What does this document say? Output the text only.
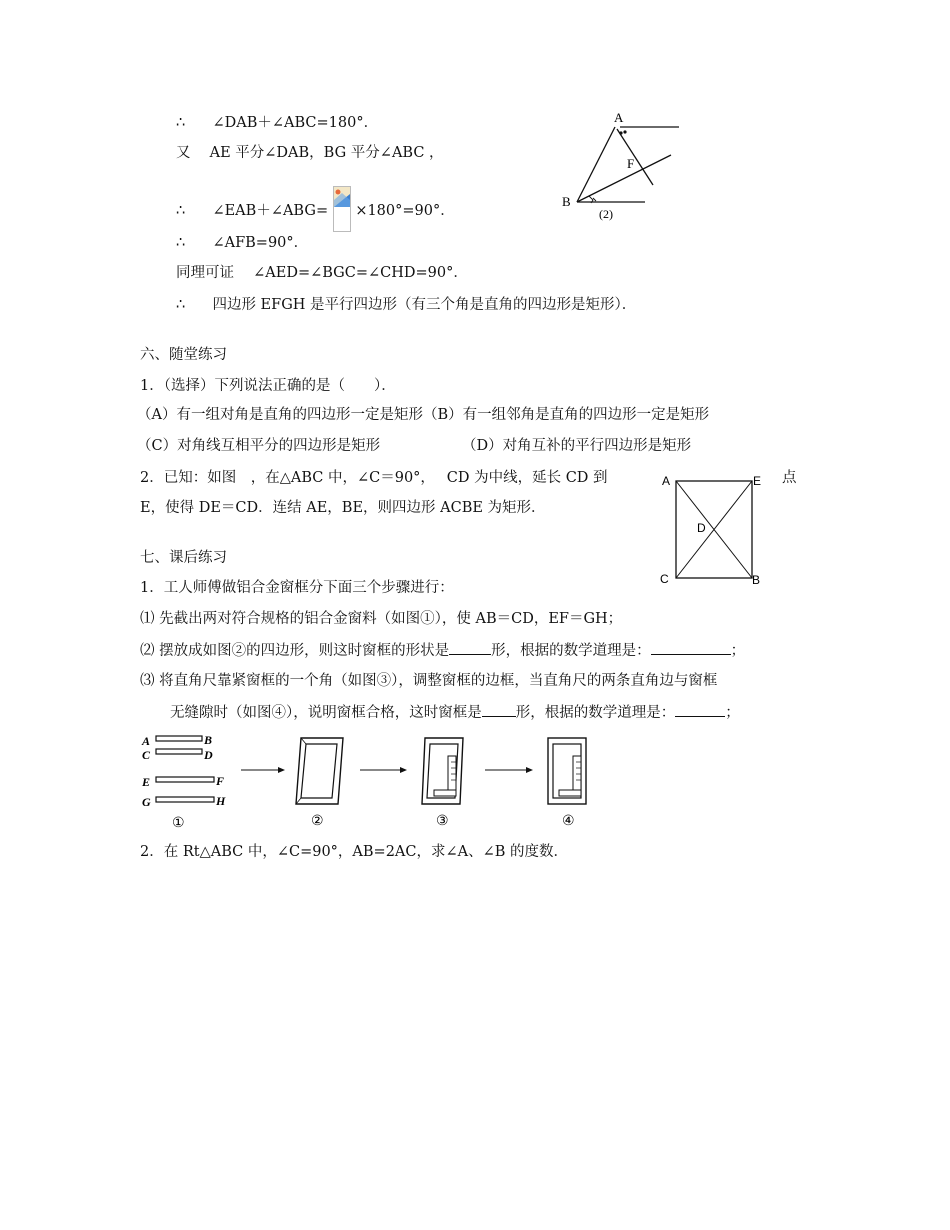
∴ ∠DAB＋∠ABC=180°．
又　 AE 平分∠DAB，BG 平分∠ABC ，
∴ ∠EAB＋∠ABG= ×180°=90°．
∴ ∠AFB=90°．
同理可证　 ∠AED=∠BGC=∠CHD=90°．
∴ 四边形 EFGH 是平行四边形（有三个角是直角的四边形是矩形）．
A
B
F
(2)
六、随堂练习
1．（选择）下列说法正确的是（　　）．
（A）有一组对角是直角的四边形一定是矩形（B）有一组邻角是直角的四边形一定是矩形
（C）对角线互相平分的四边形是矩形	（D）对角互补的平行四边形是矩形
2．已知：如图　，在△ABC 中，∠C＝90°，　 CD 为中线，延长 CD 到	点
E，使得 DE＝CD．连结 AE，BE，则四边形 ACBE 为矩形．
A	E
D
C	B
七、课后练习
1．工人师傅做铝合金窗框分下面三个步骤进行：
⑴ 先截出两对符合规格的铝合金窗料（如图①），使 AB＝CD，EF＝GH；
⑵ 摆放成如图②的四边形，则这时窗框的形状是	形，根据的数学道理是：	；
⑶ 将直角尺靠紧窗框的一个角（如图③），调整窗框的边框，当直角尺的两条直角边与窗框
无缝隙时（如图④），说明窗框合格，这时窗框是 形，根据的数学道理是：	；
A	B
C	D
E	F
G	H
①	②	③	④
2．在 Rt△ABC 中，∠C=90°，AB=2AC，求∠A、∠B 的度数．
